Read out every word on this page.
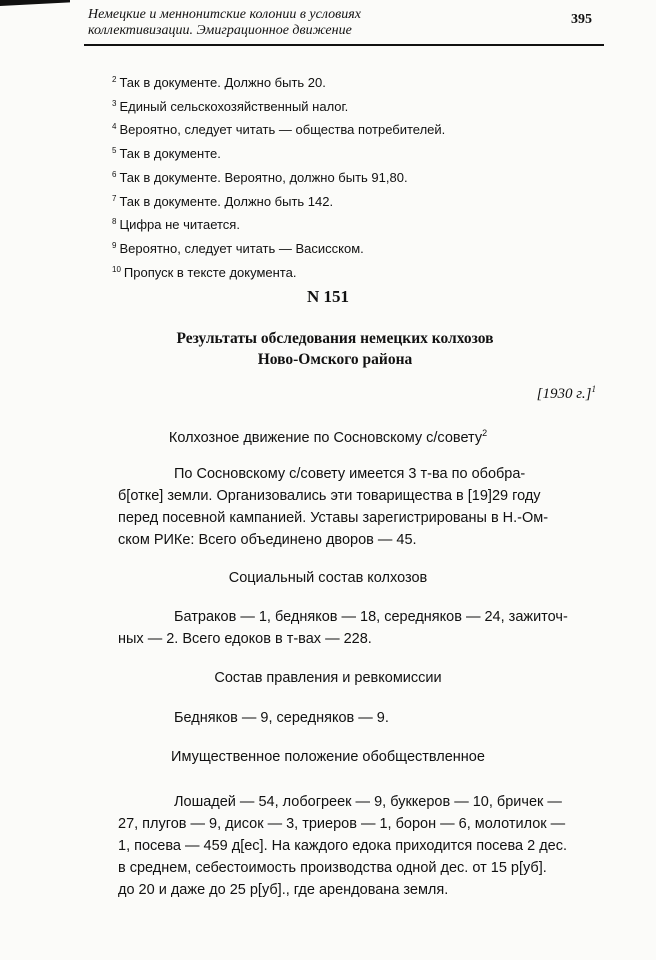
Немецкие и меннонитские колонии в условиях
коллективизации. Эмиграционное движение
395
$^2$ Так в документе. Должно быть 20.
$^3$ Единый сельскохозяйственный налог.
$^4$ Вероятно, следует читать — общества потребителей.
$^5$ Так в документе.
$^6$ Так в документе. Вероятно, должно быть 91,80.
$^7$ Так в документе. Должно быть 142.
$^8$ Цифра не читается.
$^9$ Вероятно, следует читать — Васисском.
$^{10}$ Пропуск в тексте документа.
N 151
Результаты обследования немецких колхозов
Ново-Омского района
[1930 г.]$^1$
Колхозное движение по Сосновскому с/совету$^2$
По Сосновскому с/совету имеется 3 т-ва по обобра-
б[отке] земли. Организовались эти товарищества в [19]29 году
перед посевной кампанией. Уставы зарегистрированы в Н.-Ом-
ском РИКе: Всего объединено дворов — 45.
Социальный состав колхозов
Батраков — 1, бедняков — 18, середняков — 24, зажиточ-
ных — 2. Всего едоков в т-вах — 228.
Состав правления и ревкомиссии
Бедняков — 9, середняков — 9.
Имущественное положение обобществленное
Лошадей — 54, лобогреек — 9, буккеров — 10, бричек —
27, плугов — 9, дисок — 3, триеров — 1, борон — 6, молотилок —
1, посева — 459 д[ес]. На каждого едока приходится посева 2 дес.
в среднем, себестоимость производства одной дес. от 15 р[уб].
до 20 и даже до 25 р[уб]., где арендована земля.
